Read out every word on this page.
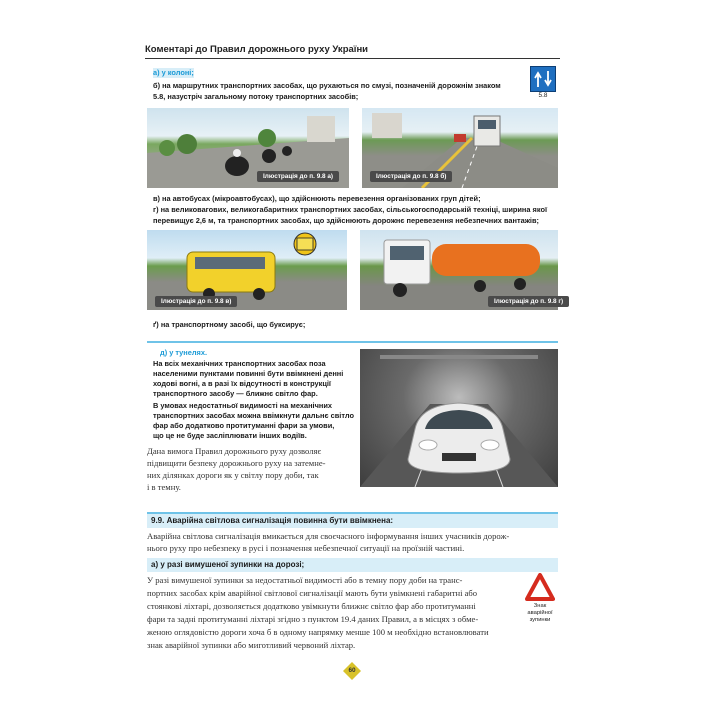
Коментарі до Правил дорожнього руху України
а) у колоні;
б) на маршрутних транспортних засобах, що рухаються по смузі, позначеній дорожнім знаком
5.8, назустріч загальному потоку транспортних засобів;	5.8
Ілюстрація до п. 9.8 а)	Ілюстрація до п. 9.8 б)
в) на автобусах (мікроавтобусах), що здійснюють перевезення організованих груп дітей;
г) на великовагових, великогабаритних транспортних засобах, сільськогосподарській техніці, ширина якої
перевищує 2,6 м, та транспортних засобах, що здійснюють дорожнє перевезення небезпечних вантажів;
Ілюстрація до п. 9.8 в)	Ілюстрація до п. 9.8 г)
ґ) на транспортному засобі, що буксирує;
д) у тунелях.
На всіх механічних транспортних засобах поза
населеними пунктами повинні бути ввімкнені денні
ходові вогні, а в разі їх відсутності в конструкції
транспортного засобу — ближнє світло фар.
В умовах недостатньої видимості на механічних
транспортних засобах можна ввімкнути дальнє світло
фар або додатково протитуманні фари за умови,
що це не буде засліплювати інших водіїв.
Дана вимога Правил дорожнього руху дозволяє
підвищити безпеку дорожнього руху на затемне-
них ділянках дороги як у світлу пору доби, так
і в темну.
9.9. Аварійна світлова сигналізація повинна бути ввімкнена:
Аварійна світлова сигналізація вмикається для своєчасного інформування інших учасників дорож-
нього руху про небезпеку в русі і позначення небезпечної ситуації на проїзній частині.
а) у разі вимушеної зупинки на дорозі;
У разі вимушеної зупинки за недостатньої видимості або в темну пору доби на транс-
портних засобах крім аварійної світлової сигналізації мають бути увімкнені габаритні або
стоянкові ліхтарі, дозволяється додатково увімкнути ближнє світло фар або протитуманні
фари та задні протитуманні ліхтарі згідно з пунктом 19.4 даних Правил, а в місцях з обме-
женою оглядовістю дороги хоча б в одному напрямку менше 100 м необхідно встановлювати
знак аварійної зупинки або миготливий червоний ліхтар.
Знак
аварійної
зупинки
60
